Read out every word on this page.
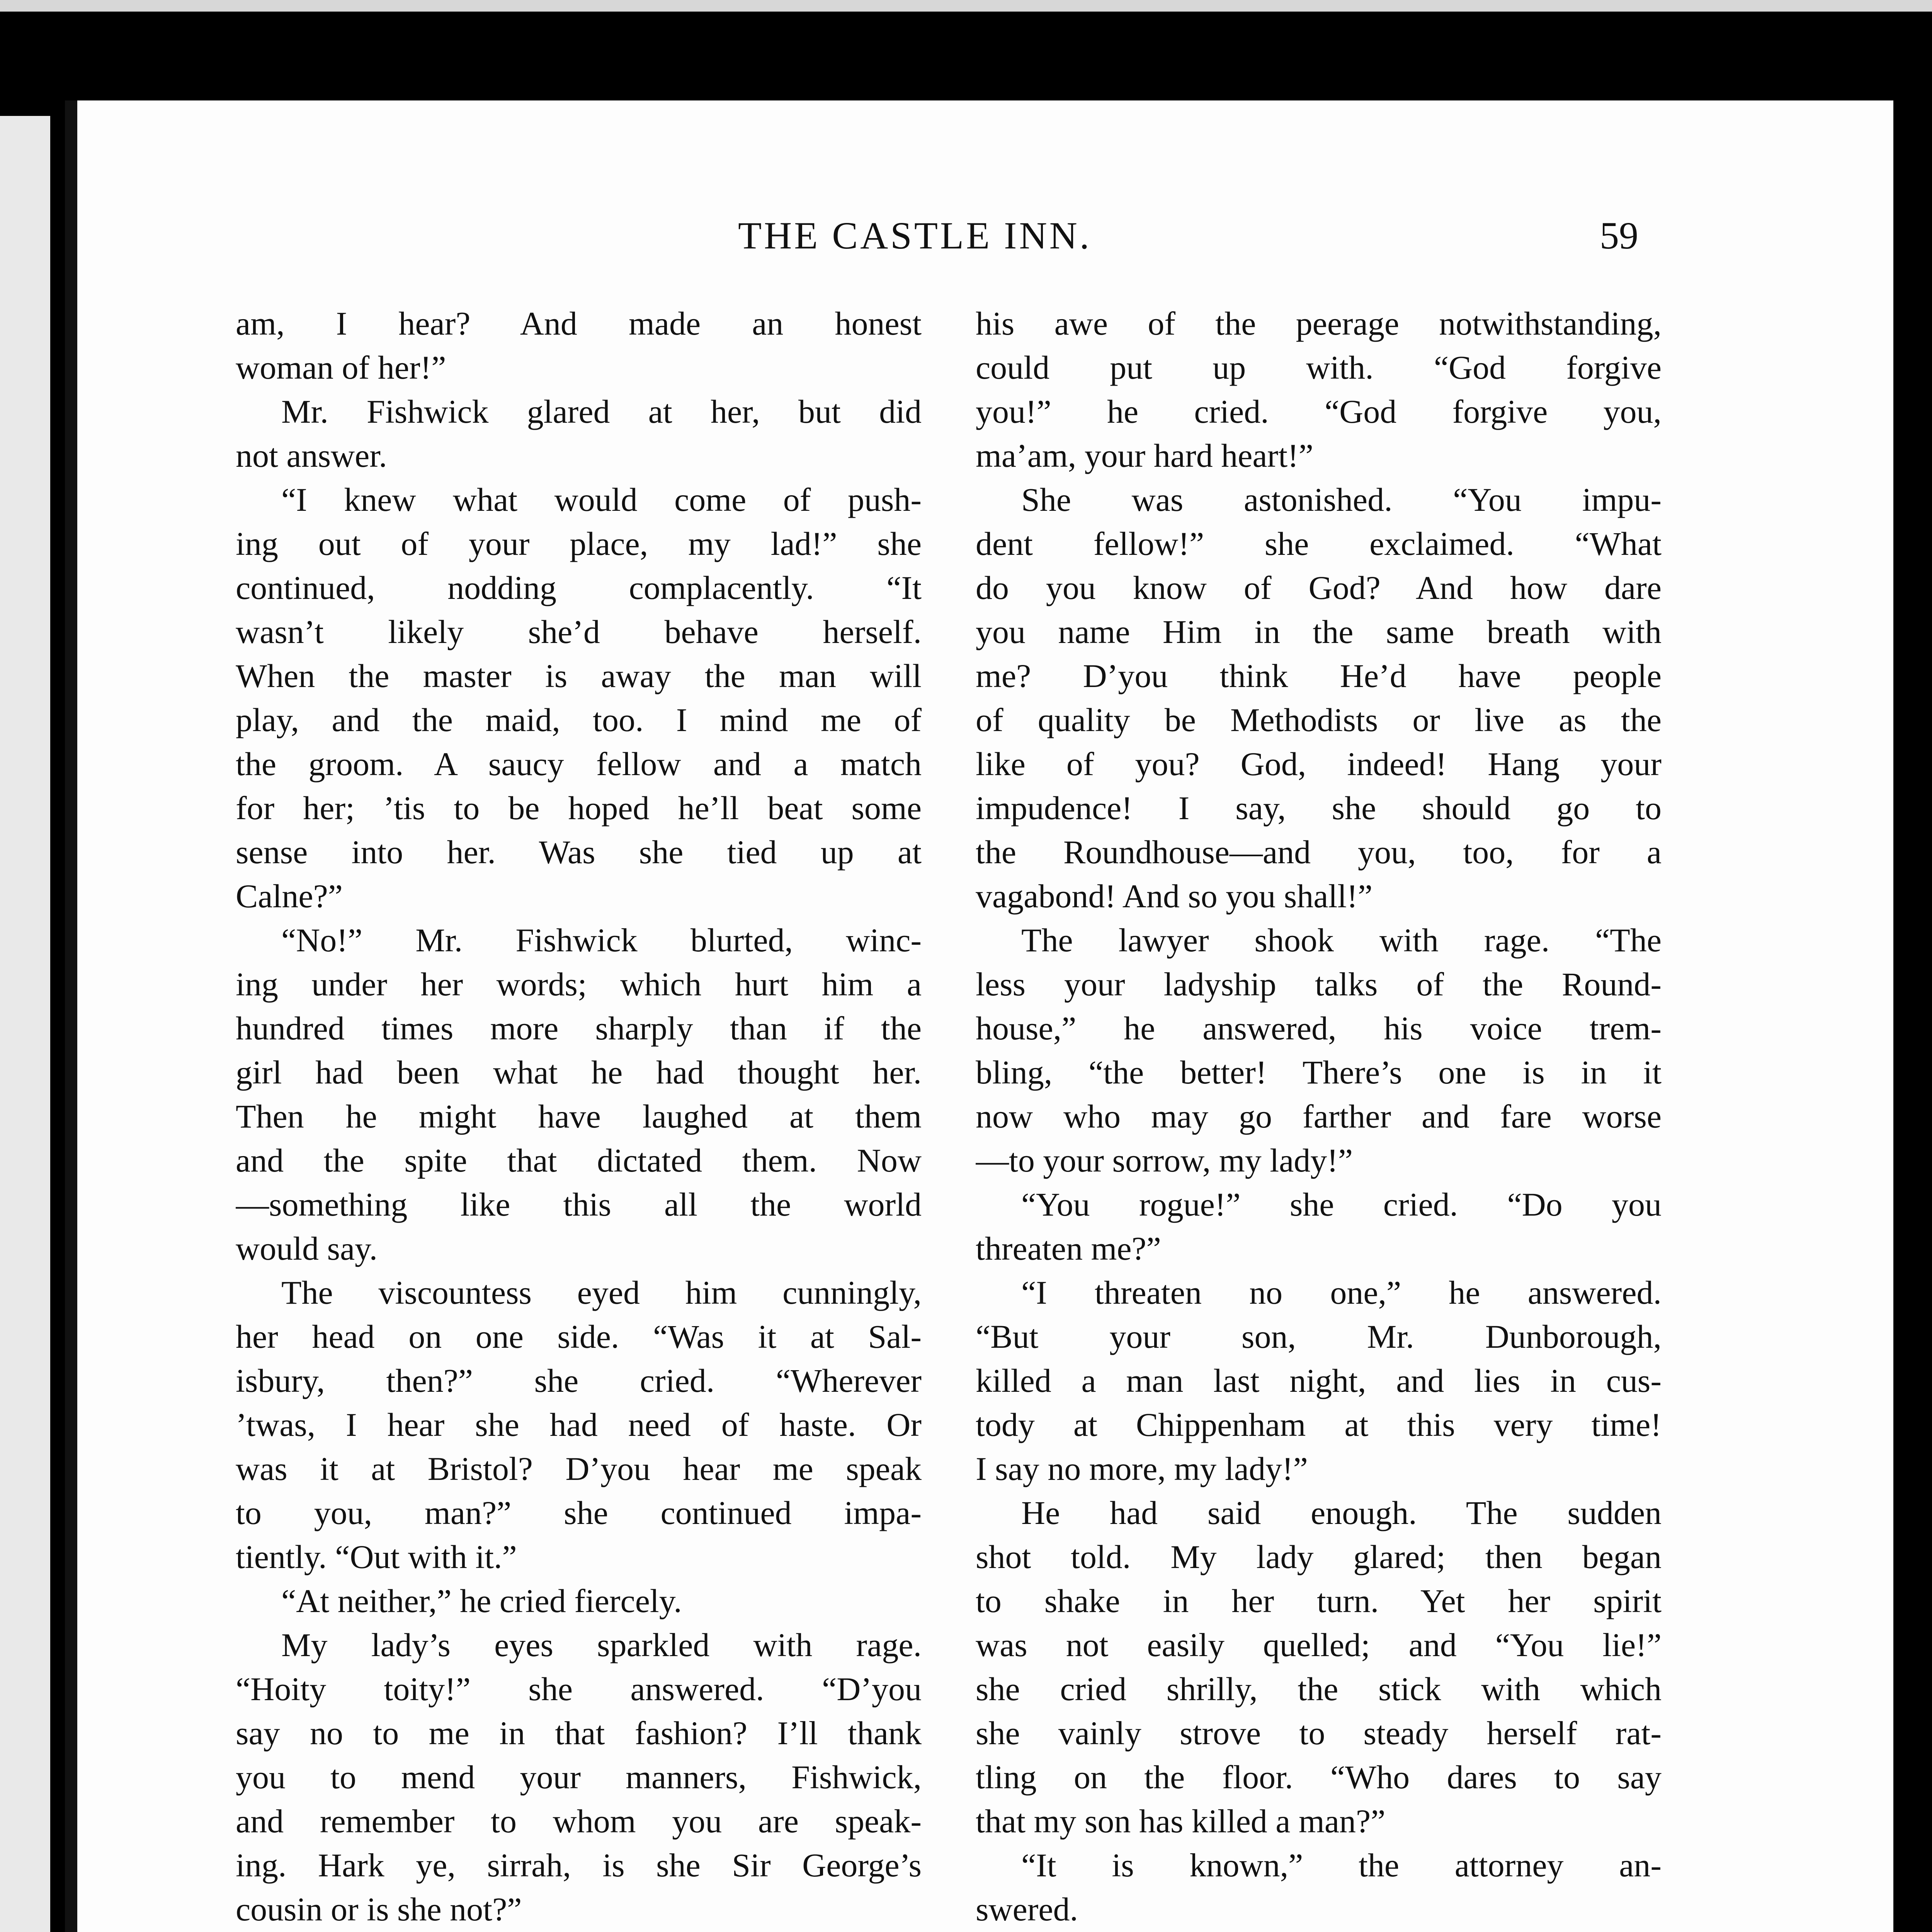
THE CASTLE INN.	59
am, I hear? And made an honest
woman of her!”
Mr. Fishwick glared at her, but did
not answer.
“I knew what would come of push-
ing out of your place, my lad!” she
continued, nodding complacently. “It
wasn’t likely she’d behave herself.
When the master is away the man will
play, and the maid, too. I mind me of
the groom. A saucy fellow and a match
for her; ’tis to be hoped he’ll beat some
sense into her. Was she tied up at
Calne?”
“No!” Mr. Fishwick blurted, winc-
ing under her words; which hurt him a
hundred times more sharply than if the
girl had been what he had thought her.
Then he might have laughed at them
and the spite that dictated them. Now
—something like this all the world
would say.
The viscountess eyed him cunningly,
her head on one side. “Was it at Sal-
isbury, then?” she cried. “Wherever
’twas, I hear she had need of haste. Or
was it at Bristol? D’you hear me speak
to you, man?” she continued impa-
tiently. “Out with it.”
“At neither,” he cried fiercely.
My lady’s eyes sparkled with rage.
“Hoity toity!” she answered. “D’you
say no to me in that fashion? I’ll thank
you to mend your manners, Fishwick,
and remember to whom you are speak-
ing. Hark ye, sirrah, is she Sir George’s
cousin or is she not?”
his awe of the peerage notwithstanding,
could put up with. “God forgive
you!” he cried. “God forgive you,
ma’am, your hard heart!”
She was astonished. “You impu-
dent fellow!” she exclaimed. “What
do you know of God? And how dare
you name Him in the same breath with
me? D’you think He’d have people
of quality be Methodists or live as the
like of you? God, indeed! Hang your
impudence! I say, she should go to
the Roundhouse—and you, too, for a
vagabond! And so you shall!”
The lawyer shook with rage. “The
less your ladyship talks of the Round-
house,” he answered, his voice trem-
bling, “the better! There’s one is in it
now who may go farther and fare worse
—to your sorrow, my lady!”
“You rogue!” she cried. “Do you
threaten me?”
“I threaten no one,” he answered.
“But your son, Mr. Dunborough,
killed a man last night, and lies in cus-
tody at Chippenham at this very time!
I say no more, my lady!”
He had said enough. The sudden
shot told. My lady glared; then began
to shake in her turn. Yet her spirit
was not easily quelled; and “You lie!”
she cried shrilly, the stick with which
she vainly strove to steady herself rat-
tling on the floor. “Who dares to say
that my son has killed a man?”
“It is known,” the attorney an-
swered.
